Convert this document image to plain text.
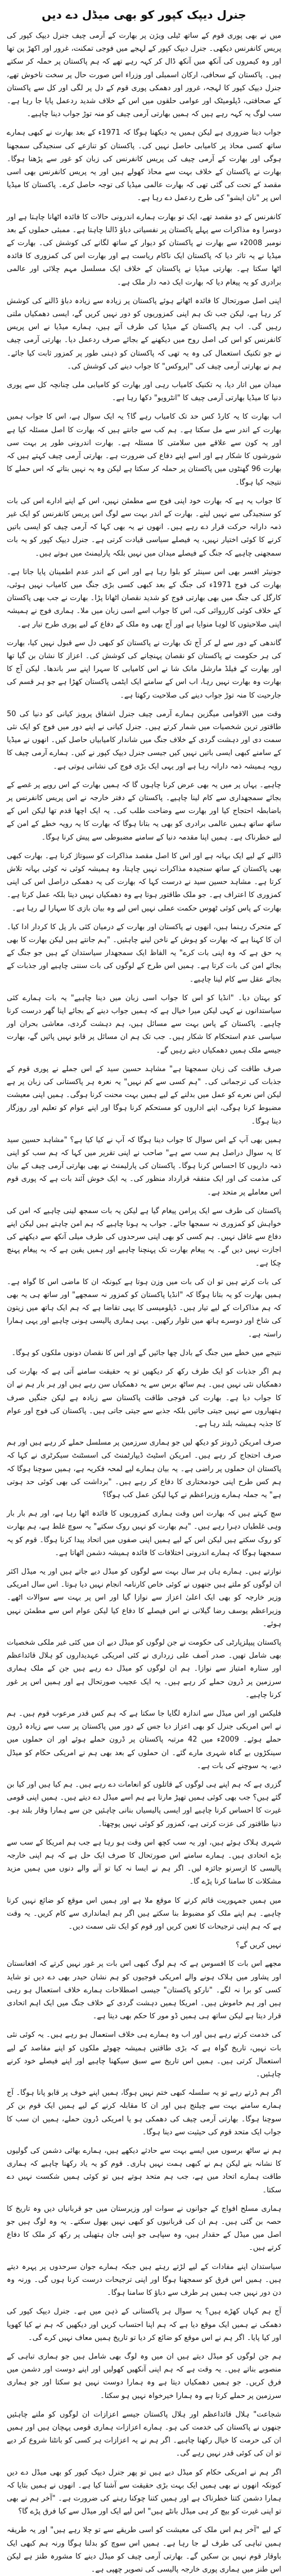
جنرل دیپک کپور کو بھی میڈل دے دیں

میں نے بھی پوری قوم کے ساتھ ٹیلی ویژن پر بھارت کے آرمی چیف جنرل دیپک کپور کی پریس کانفرنس دیکھی۔ جنرل دیپک کپور کے لہجے میں فوجی تمکنت، غرور اور اکھڑ پن تھا اور وہ کیمروں کی آنکھ میں آنکھ ڈال کر کہہ رہے تھے کہ ہم پاکستان پر حملہ کر سکتے ہیں۔ پاکستان کے سحافی، ارکان اسمبلی اور وزراء اس صورت حال پر سخت ناخوش تھے، جنرل دیپک کپور کا لہجہ، غرور اور دھمکی پوری قوم کے دل پر لگی اور کل سے پاکستان کے صحافتی، ڈپلومیٹک اور عوامی حلقوں میں اس کے خلاف شدید ردعمل پایا جا رہا ہے۔ سب لوگ یہ کہہ رہے ہیں کہ ہمیں بھارتی آرمی چیف کو منہ توڑ جواب دینا چاہیے۔

جواب دینا ضروری ہے لیکن ہمیں یہ دیکھنا ہوگا کہ 1971ء کے بعد بھارت نے کبھی ہمارے ساتھ کسی محاذ پر کامیابی حاصل نہیں کی۔ پاکستان کو تنازعے کی سنجیدگی سمجھنا ہوگی اور بھارت کے آرمی چیف کی پریس کانفرنس کی زبان کو غور سے پڑھنا ہوگا۔ بھارت نے پاکستان کے خلاف بہت سے محاذ کھولے ہیں اور یہ پریس کانفرنس بھی اسی مقصد کے تحت کی گئی تھی کہ بھارت عالمی میڈیا کی توجہ حاصل کرے۔ پاکستان کا میڈیا اس پر "نان ایشو" کی طرح ردعمل دے رہا ہے۔

کانفرنس کے دو مقصد تھے، ایک تو بھارت ہمارے اندرونی حالات کا فائدہ اٹھانا چاہتا ہے اور دوسرا وہ مذاکرات سے پہلے پاکستان پر نفسیاتی دباؤ ڈالنا چاہتا ہے۔ ممبئی حملوں کے بعد نومبر 2008ء سے بھارت نے پاکستان کو دیوار کے ساتھ لگانے کی کوشش کی۔ بھارت کے میڈیا نے یہ تاثر دیا کہ پاکستان ایک ناکام ریاست ہے اور بھارت اس کی کمزوری کا فائدہ اٹھا سکتا ہے۔ بھارتی میڈیا نے پاکستان کے خلاف ایک مسلسل مہم چلائی اور عالمی برادری کو یہ پیغام دیا کہ بھارت ایک ذمہ دار ملک ہے۔

اپنی اصل صورتحال کا فائدہ اٹھاتے ہوئے پاکستان پر زیادہ سے زیادہ دباؤ ڈالنے کی کوشش کر رہا ہے، لیکن جب تک ہم اپنی کمزوریوں کو دور نہیں کریں گے، ایسی دھمکیاں ملتی رہیں گی۔ اب ہم پاکستان کے میڈیا کی طرف آتے ہیں، ہمارے میڈیا نے اس پریس کانفرنس کو اس کی اصل روح میں دیکھنے کے بجائے صرف ردعمل دیا۔ بھارتی آرمی چیف نے جو تکنیک استعمال کی وہ یہ تھی کہ پاکستان کو ذہنی طور پر کمزور ثابت کیا جائے۔ ہم نے بھارتی آرمی چیف کی "اپروکس" کا جواب دینے کی کوشش کی۔

میدان میں اتار دیا، یہ تکنیک کامیاب رہی اور بھارت کو کامیابی ملی چنانچہ کل سے پوری دنیا کا میڈیا بھارتی آرمی چیف کا "انٹرویو" دکھا رہا ہے۔

اب بھارت کا یہ کارڈ کس حد تک کامیاب رہے گا؟ یہ ایک سوال ہے، اس کا جواب ہمیں بھارت کے اندر سے مل سکتا ہے۔ ہم کب سے جانتے ہیں کہ بھارت کا اصل مسئلہ کیا ہے اور یہ کون سے علاقے میں سلامتی کا مسئلہ ہے۔ بھارت اندرونی طور پر بہت سی شورشوں کا شکار ہے اور اسے اپنے دفاع کی ضرورت ہے۔ بھارتی آرمی چیف کہتے ہیں کہ بھارت 96 گھنٹوں میں پاکستان پر حملہ کر سکتا ہے لیکن وہ یہ نہیں بتاتے کہ اس حملے کا نتیجہ کیا ہوگا۔

کا جواب یہ ہے کہ بھارت خود اپنی فوج سے مطمئن نہیں، اس کے اپنے ادارے اس کی بات کو سنجیدگی سے نہیں لیتے۔ بھارت کے اندر بہت سے لوگ اس پریس کانفرنس کو ایک غیر ذمہ دارانہ حرکت قرار دے رہے ہیں۔ انھوں نے یہ بھی کہا کہ آرمی چیف کو ایسی باتیں کرنے کا کوئی اختیار نہیں، یہ فیصلے سیاسی قیادت کرتی ہے۔ جنرل دیپک کپور کو یہ بات سمجھنی چاہیے کہ جنگ کے فیصلے میدان میں نہیں بلکہ پارلیمنٹ میں ہوتے ہیں۔

جونیئر افسر بھی اس سینئر کو بلوا رہا ہے اور اس کے اندر عدم اطمینان پایا جاتا ہے۔ بھارت کی فوج 1971ء کی جنگ کے بعد کبھی کسی بڑی جنگ میں کامیاب نہیں ہوئی، کارگل کی جنگ میں بھی بھارتی فوج کو شدید نقصان اٹھانا پڑا۔ بھارت نے جب بھی پاکستان کے خلاف کوئی کارروائی کی، اس کا جواب اسے اسی زبان میں ملا۔ ہماری فوج نے ہمیشہ اپنی صلاحیتوں کا لوہا منوایا ہے اور آج بھی وہ ملک کے دفاع کے لیے پوری طرح تیار ہے۔

گاندھی کے دور سے لے کر آج تک بھارت نے پاکستان کو کبھی دل سے قبول نہیں کیا، بھارت کی ہر حکومت نے پاکستان کو نقصان پہنچانے کی کوشش کی۔ اعزاز کا نشان بن گیا تھا اور بھارت کے فیلڈ مارشل مانک شا نے اس کامیابی کا سہرا اپنے سر باندھا۔ لیکن آج کا بھارت وہ بھارت نہیں رہا، اب اس کے سامنے ایک ایٹمی پاکستان کھڑا ہے جو ہر قسم کی جارحیت کا منہ توڑ جواب دینے کی صلاحیت رکھتا ہے۔

وقت میں الاقوامی میگزین ہمارے آرمی چیف جنرل اشفاق پرویز کیانی کو دنیا کی 50 طاقتور ترین شخصیات میں شمار کرتے ہیں۔ جنرل کیانی نے اپنے دور میں فوج کو ایک نئی سمت دی اور دہشت گردی کے خلاف جنگ میں شاندار کامیابیاں حاصل کیں۔ انھوں نے میڈیا کے سامنے کبھی ایسی باتیں نہیں کیں جیسی جنرل دیپک کپور نے کیں۔ ہمارے آرمی چیف کا رویہ ہمیشہ ذمہ دارانہ رہا ہے اور یہی ایک بڑی فوج کی نشانی ہوتی ہے۔

چاہیے۔ یہاں پر میں یہ بھی عرض کرنا چاہوں گا کہ ہمیں بھارت کے اس رویے پر غصے کے بجائے سمجھداری سے کام لینا چاہیے۔ پاکستان کے دفتر خارجہ نے اس پریس کانفرنس پر باضابطہ احتجاج کیا اور بھارت سے وضاحت طلب کی۔ یہ ایک اچھا قدم تھا لیکن اس کے ساتھ ساتھ ہمیں عالمی برادری کو بھی یہ بتانا ہوگا کہ بھارت کا یہ رویہ خطے کے امن کے لیے خطرناک ہے۔ ہمیں اپنا مقدمہ دنیا کے سامنے مضبوطی سے پیش کرنا ہوگا۔

ڈالنے کے لیے ایک بہانہ ہے اور اس کا اصل مقصد مذاکرات کو سبوتاژ کرنا ہے۔ بھارت کبھی بھی پاکستان کے ساتھ سنجیدہ مذاکرات نہیں چاہتا، وہ ہمیشہ کوئی نہ کوئی بہانہ تلاش کرتا ہے۔ مشاہد حسین سید نے درست کہا کہ بھارت کی یہ دھمکی دراصل اس کی اپنی کمزوری کا اعتراف ہے۔ جو ملک طاقتور ہوتا ہے وہ دھمکیاں نہیں دیتا بلکہ عمل کرتا ہے۔ بھارت کے پاس کوئی ٹھوس حکمت عملی نہیں اس لیے وہ بیان بازی کا سہارا لے رہا ہے۔

کے متحرک رہنما ہیں، انھوں نے پاکستان اور بھارت کے درمیان کئی بار پل کا کردار ادا کیا۔ ان کا کہنا ہے کہ بھارت کو ہوش کے ناخن لینے چاہئیں۔ "ہم جانتے ہیں لیکن بھارت کا بھی یہ حق ہے کہ وہ اپنی بات کرے" یہ الفاظ ایک سمجھدار سیاستدان کے ہیں جو جنگ کے بجائے امن کی بات کرتا ہے۔ ہمیں اس طرح کے لوگوں کی بات سننی چاہیے اور جذبات کے بجائے عقل سے کام لینا چاہیے۔

کو بہتان دیا۔ "انڈیا کو اس کا جواب اسی زبان میں دینا چاہیے" یہ بات ہمارے کئی سیاستدانوں نے کہی لیکن میرا خیال ہے کہ ہمیں جواب دینے کے بجائے اپنا گھر درست کرنا چاہیے۔ پاکستان کے پاس بہت سے مسائل ہیں، ہم دہشت گردی، معاشی بحران اور سیاسی عدم استحکام کا شکار ہیں۔ جب تک ہم ان مسائل پر قابو نہیں پائیں گے، بھارت جیسے ملک ہمیں دھمکیاں دیتے رہیں گے۔

صرف طاقت کی زبان سمجھتا ہے" مشاہد حسین سید کے اس جملے نے پوری قوم کے جذبات کی ترجمانی کی۔ "ہم کسی سے کم نہیں" یہ نعرہ ہر پاکستانی کی زبان پر ہے لیکن اس نعرے کو عمل میں بدلنے کے لیے ہمیں بہت محنت کرنا ہوگی۔ ہمیں اپنی معیشت مضبوط کرنا ہوگی، اپنے اداروں کو مستحکم کرنا ہوگا اور اپنے عوام کو تعلیم اور روزگار دینا ہوگا۔

ہمیں بھی آپ کے اس سوال کا جواب دینا ہوگا کہ آپ نے کیا کیا ہے؟ "مشاہد حسین سید کا یہ سوال دراصل ہم سب سے ہے" صاحب نے اپنی تقریر میں کہا کہ ہم سب کو اپنی ذمہ داریوں کا احساس کرنا ہوگا۔ پاکستان کی پارلیمنٹ نے بھی بھارتی آرمی چیف کے بیان کی مذمت کی اور ایک متفقہ قرارداد منظور کی۔ یہ ایک خوش آئند بات ہے کہ پوری قوم اس معاملے پر متحد ہے۔

پاکستان کی طرف سے ایک پرامن پیغام گیا ہے لیکن یہ بات سمجھ لینی چاہیے کہ امن کی خواہش کو کمزوری نہ سمجھا جائے۔ جواب یہ ہونا چاہیے کہ ہم امن چاہتے ہیں لیکن اپنے دفاع سے غافل نہیں۔ ہم کسی کو بھی اپنی سرحدوں کی طرف میلی آنکھ سے دیکھنے کی اجازت نہیں دیں گے۔ یہ پیغام بھارت تک پہنچنا چاہیے اور ہمیں یقین ہے کہ یہ پیغام پہنچ چکا ہے۔

کی بات کرتے ہیں تو ان کی بات میں وزن ہوتا ہے کیونکہ ان کا ماضی اس کا گواہ ہے۔ ہمیں بھارت کو یہ بتانا ہوگا کہ "انڈیا پاکستان کو کمزور نہ سمجھے" اور ساتھ ہی یہ بھی کہ ہم مذاکرات کے لیے تیار ہیں۔ ڈپلومیسی کا یہی تقاضا ہے کہ ہم ایک ہاتھ میں زیتون کی شاخ اور دوسرے ہاتھ میں تلوار رکھیں۔ یہی ہماری پالیسی ہونی چاہیے اور یہی ہمارا راستہ ہے۔

نتیجے میں خطے میں جنگ کے بادل چھا جائیں گے اور اس کا نقصان دونوں ملکوں کو ہوگا۔

ہم اگر جذبات کو ایک طرف رکھ کر دیکھیں تو یہ حقیقت سامنے آتی ہے کہ بھارت کی دھمکیاں نئی نہیں ہیں۔ ہم ساٹھ برس سے یہ دھمکیاں سن رہے ہیں اور ہر بار ہم نے ان کا جواب دیا ہے۔ بھارت کی فوجی طاقت پاکستان سے زیادہ ہے لیکن جنگیں صرف ہتھیاروں سے نہیں جیتی جاتیں بلکہ جذبے سے جیتی جاتی ہیں۔ پاکستان کی فوج اور عوام کا جذبہ ہمیشہ بلند رہا ہے۔

صرف امریکن ڈرونز کو دیکھ لیں جو ہماری سرزمین پر مسلسل حملے کر رہے ہیں اور ہم صرف احتجاج کر رہے ہیں۔ امریکن اسٹیٹ ڈیپارٹمنٹ کی اسسٹنٹ سیکرٹری نے کہا کہ پاکستان ان حملوں پر راضی ہے۔ یہ بیان ہمارے لیے لمحہ فکریہ ہے، ہمیں سوچنا ہوگا کہ ہم کس طرح اپنی خودمختاری کا دفاع کر رہے ہیں۔ "برداشت کی بھی کوئی حد ہوتی ہے" یہ جملہ ہمارے وزیراعظم نے کہا لیکن عمل کب ہوگا؟

سچ کہتے ہیں کہ بھارت اس وقت ہماری کمزوریوں کا فائدہ اٹھا رہا ہے، اور ہم بار بار وہی غلطیاں دہرا رہے ہیں۔ "ہم بھارت کو نہیں روک سکتے" یہ سوچ غلط ہے، ہم بھارت کو روک سکتے ہیں لیکن اس کے لیے ہمیں اپنی صفوں میں اتحاد پیدا کرنا ہوگا۔ قوم کو یہ سمجھنا ہوگا کہ ہمارے اندرونی اختلافات کا فائدہ ہمیشہ دشمن اٹھاتا ہے۔

نوازتے ہیں۔ ہمارے ہاں ہر سال بہت سے لوگوں کو میڈل دیے جاتے ہیں اور یہ میڈل اکثر ان لوگوں کو ملتے ہیں جنھوں نے کوئی خاص کارنامہ انجام نہیں دیا ہوتا۔ اس سال امریکی وزیر خارجہ کو بھی ایک اعلیٰ اعزاز سے نوازا گیا اور اس پر بہت سے سوالات اٹھے۔ وزیراعظم یوسف رضا گیلانی نے اس فیصلے کا دفاع کیا لیکن عوام اس سے مطمئن نہیں ہوئے۔

پاکستان پیپلزپارٹی کی حکومت نے جن لوگوں کو میڈل دیے ان میں کئی غیر ملکی شخصیات بھی شامل تھیں۔ صدر آصف علی زرداری نے کئی امریکی عہدیداروں کو ہلال قائداعظم اور ستارہ امتیاز سے نوازا۔ ہم ان لوگوں کو میڈل دے رہے ہیں جن کے ملک ہماری سرزمین پر ڈرون حملے کر رہے ہیں۔ یہ ایک عجیب صورتحال ہے اور ہمیں اس پر غور کرنا چاہیے۔

فلیکس اور اس میڈل سے اندازہ لگایا جا سکتا ہے کہ ہم کس قدر مرعوب قوم ہیں۔ ہم نے اس امریکی جنرل کو بھی اعزاز دیا جس کے دور میں پاکستان پر سب سے زیادہ ڈرون حملے ہوئے۔ 2009ء میں 42 مرتبہ پاکستان پر ڈرون حملے ہوئے اور ان حملوں میں سینکڑوں بے گناہ شہری مارے گئے۔ ان حملوں کے بعد بھی ہم نے امریکی حکام کو میڈل دیے، یہ سوچنے کی بات ہے۔

گزری ہے کہ ہم اپنے ہی لوگوں کے قاتلوں کو انعامات دے رہے ہیں۔ ہم کیا ہیں اور کیا بن گئے ہیں؟ جب بھی کوئی ہمیں تھپڑ مارتا ہے ہم اسے میڈل دے دیتے ہیں۔ ہمیں اپنی قومی غیرت کا احساس کرنا چاہیے اور ایسی پالیسیاں بنانی چاہئیں جن سے ہمارا وقار بلند ہو۔ دنیا طاقتور کی عزت کرتی ہے، کمزور کو کوئی نہیں پوچھتا۔

شہری ہلاک ہوئے ہیں، اور یہ سب کچھ اس وقت ہو رہا ہے جب ہم امریکا کے سب سے بڑے اتحادی ہیں۔ ہمارے سامنے اس صورتحال کا صرف ایک حل ہے کہ ہم اپنی خارجہ پالیسی کا ازسرنو جائزہ لیں۔ اگر ہم نے ایسا نہ کیا تو آنے والے دنوں میں ہمیں مزید مشکلات کا سامنا کرنا پڑے گا۔

میں ہمیں جمہوریت قائم کرنے کا موقع ملا ہے اور ہمیں اس موقع کو ضائع نہیں کرنا چاہیے۔ ہم اپنے ملک کو مضبوط بنا سکتے ہیں اگر ہم ایمانداری سے کام کریں۔ یہ وقت ہے کہ ہم اپنی ترجیحات کا تعین کریں اور قوم کو ایک نئی سمت دیں۔

نہیں کریں گے؟

مجھے اس بات کا افسوس ہے کہ ہم لوگ کبھی اس بات پر غور نہیں کرتے کہ افغانستان اور پشاور میں ہلاک ہونے والے امریکی فوجیوں کو ہم نشان حیدر بھی دے دیں تو شاید کسی کو برا نہ لگے۔ "نارکو پاکستان" جیسی اصطلاحات ہمارے خلاف استعمال ہو رہی ہیں اور ہم خاموش ہیں۔ امریکا ہمیں دہشت گردی کے خلاف جنگ میں ایک اہم اتحادی قرار دیتا ہے لیکن ساتھ ہی ہمیں ڈو مور کا حکم بھی دیتا ہے۔

کی خدمت کرتے رہے ہیں اور اب وہ ہمارے ہی خلاف استعمال ہو رہے ہیں۔ یہ کوئی نئی بات نہیں، تاریخ گواہ ہے کہ بڑی طاقتیں ہمیشہ چھوٹے ملکوں کو اپنے مقاصد کے لیے استعمال کرتی ہیں۔ ہمیں اس تاریخ سے سبق سیکھنا چاہیے اور اپنے فیصلے خود کرنے چاہئیں۔

اگر ہم ڈرتے رہے تو یہ سلسلہ کبھی ختم نہیں ہوگا، ہمیں اپنے خوف پر قابو پانا ہوگا۔ آج ہمارے سامنے بہت سے چیلنج ہیں اور ان کا مقابلہ کرنے کے لیے ہمیں ایک قوم بن کر سوچنا ہوگا۔ بھارتی آرمی چیف کی دھمکی ہو یا امریکی ڈرون حملے، ہمیں ان سب کا جواب ایک متحد قوم کی حیثیت سے دینا ہوگا۔

ہم نے ساٹھ برسوں میں ایسے بہت سے حادثے دیکھے ہیں، ہمارے بھائی دشمن کی گولیوں کا نشانہ بنے لیکن ہم نے کبھی ہمت نہیں ہاری۔ قوم کو یہ یاد رکھنا چاہیے کہ ہماری طاقت ہمارے اتحاد میں ہے، جب ہم متحد ہوتے ہیں تو کوئی ہمیں شکست نہیں دے سکتا۔

ہماری مسلح افواج کے جوانوں نے سوات اور وزیرستان میں جو قربانیاں دیں وہ تاریخ کا حصہ بن گئی ہیں۔ ہم ان کی قربانیوں کو کبھی نہیں بھول سکتے۔ یہ وہ لوگ ہیں جو اصل میں میڈل کے حقدار ہیں، وہ سپاہی جو اپنی جان ہتھیلی پر رکھ کر ملک کا دفاع کرتے ہیں۔

سیاستدان اپنے مفادات کے لیے لڑتے رہتے ہیں جبکہ ہمارے جوان سرحدوں پر پہرہ دیتے ہیں۔ ہمیں اس فرق کو سمجھنا ہوگا اور اپنی ترجیحات درست کرنا ہوں گی۔ ورنہ وہ دن دور نہیں جب ہمیں ہر طرف سے دباؤ کا سامنا ہوگا۔

آج ہم کہاں کھڑے ہیں؟ یہ سوال ہر پاکستانی کے ذہن میں ہے۔ جنرل دیپک کپور کی دھمکی نے ہمیں ایک موقع دیا ہے کہ ہم اپنا احتساب کریں اور دیکھیں کہ ہم نے کیا کھویا اور کیا پایا۔ اگر ہم نے اس موقع کو ضائع کر دیا تو تاریخ ہمیں معاف نہیں کرے گی۔

ہم جن لوگوں کو میڈل دیتے ہیں ان میں وہ لوگ بھی شامل ہیں جو ہماری تباہی کے منصوبے بناتے ہیں۔ یہ وقت ہے کہ ہم اپنی آنکھیں کھولیں اور اپنے دوست اور دشمن میں فرق کریں۔ جو ہمیں دھمکیاں دیتا ہے وہ ہمارا دوست نہیں ہو سکتا اور جو ہماری سرزمین پر حملے کرتا ہے وہ ہمارا خیرخواہ نہیں ہو سکتا۔

شجاعت" ہلال قائداعظم اور ہلال پاکستان جیسے اعزازات ان لوگوں کو ملنے چاہئیں جنھوں نے پاکستان کی خدمت کی ہو۔ ہمارے اعزازات ہماری قومی پہچان ہیں اور ہمیں ان کی حرمت کا خیال رکھنا چاہیے۔ اگر ہم نے یہ اعزازات ہر کسی کو بانٹنا شروع کر دیے تو ان کی کوئی قدر نہیں رہے گی۔

اگر ہم نے امریکی حکام کو میڈل دیے ہیں تو پھر جنرل دیپک کپور کو بھی میڈل دے دیں کیونکہ انھوں نے بھی ہمیں ایک بہت بڑی حقیقت سے آشنا کیا ہے۔ انھوں نے ہمیں بتایا کہ ہمارا دشمن کتنا خطرناک ہے اور ہمیں کتنا چوکنا رہنے کی ضرورت ہے۔ "آخر ہم نے بھی تو اپنی غیرت کو بیچ کر ہی میڈل بانٹے ہیں" اس لیے ایک اور میڈل سے کیا فرق پڑے گا؟

کے لیے "آخر ہم اس ملک کی معیشت کو اسی طریقے سے تو چلا رہے ہیں" اور یہ طریقہ ہمیں تباہی کی طرف لے جا رہا ہے۔ ہمیں اس سوچ کو بدلنا ہوگا ورنہ ہم کبھی ایک باوقار قوم نہیں بن سکیں گے۔ بھارتی آرمی چیف کو میڈل دینے کا مشورہ طنز ہے لیکن اس طنز میں ہماری پوری خارجہ پالیسی کی تصویر چھپی ہے۔
